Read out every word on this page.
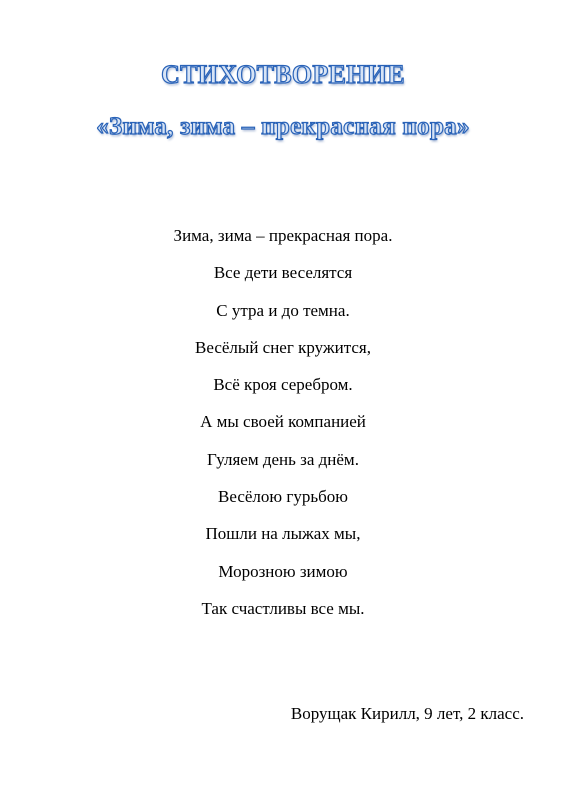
СТИХОТВОРЕНИЕ
«Зима, зима – прекрасная пора»
Зима, зима – прекрасная пора.
Все дети веселятся
С утра и до темна.
Весёлый снег кружится,
Всё кроя серебром.
А мы своей компанией
Гуляем день за днём.
Весёлою гурьбою
Пошли на лыжах мы,
Морозною зимою
Так счастливы все мы.
Ворущак Кирилл, 9 лет, 2 класс.
